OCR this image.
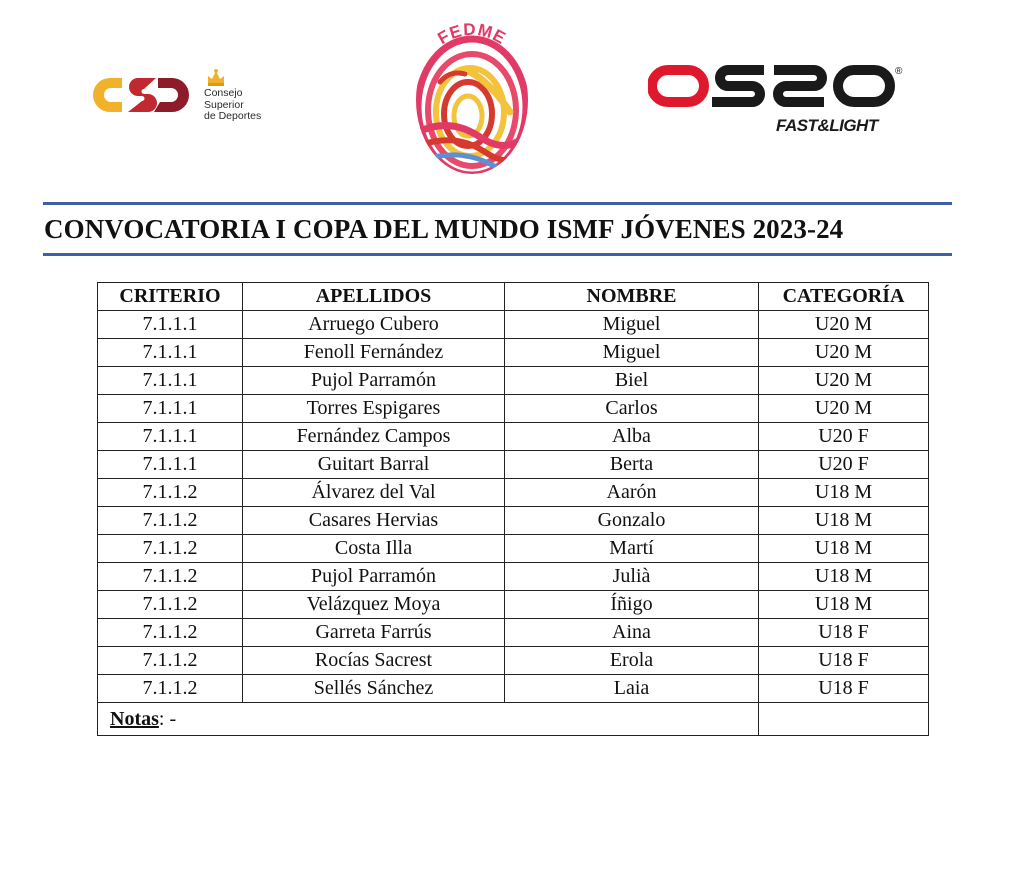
Consejo
Superior
de Deportes
FEDME
®
FAST&LIGHT
CONVOCATORIA I COPA DEL MUNDO ISMF JÓVENES 2023-24
CRITERIO	APELLIDOS	NOMBRE	CATEGORÍA
7.1.1.1	Arruego Cubero	Miguel	U20 M
7.1.1.1	Fenoll Fernández	Miguel	U20 M
7.1.1.1	Pujol Parramón	Biel	U20 M
7.1.1.1	Torres Espigares	Carlos	U20 M
7.1.1.1	Fernández Campos	Alba	U20 F
7.1.1.1	Guitart Barral	Berta	U20 F
7.1.1.2	Álvarez del Val	Aarón	U18 M
7.1.1.2	Casares Hervias	Gonzalo	U18 M
7.1.1.2	Costa Illa	Martí	U18 M
7.1.1.2	Pujol Parramón	Julià	U18 M
7.1.1.2	Velázquez Moya	Íñigo	U18 M
7.1.1.2	Garreta Farrús	Aina	U18 F
7.1.1.2	Rocías Sacrest	Erola	U18 F
7.1.1.2	Sellés Sánchez	Laia	U18 F
Notas: -			
